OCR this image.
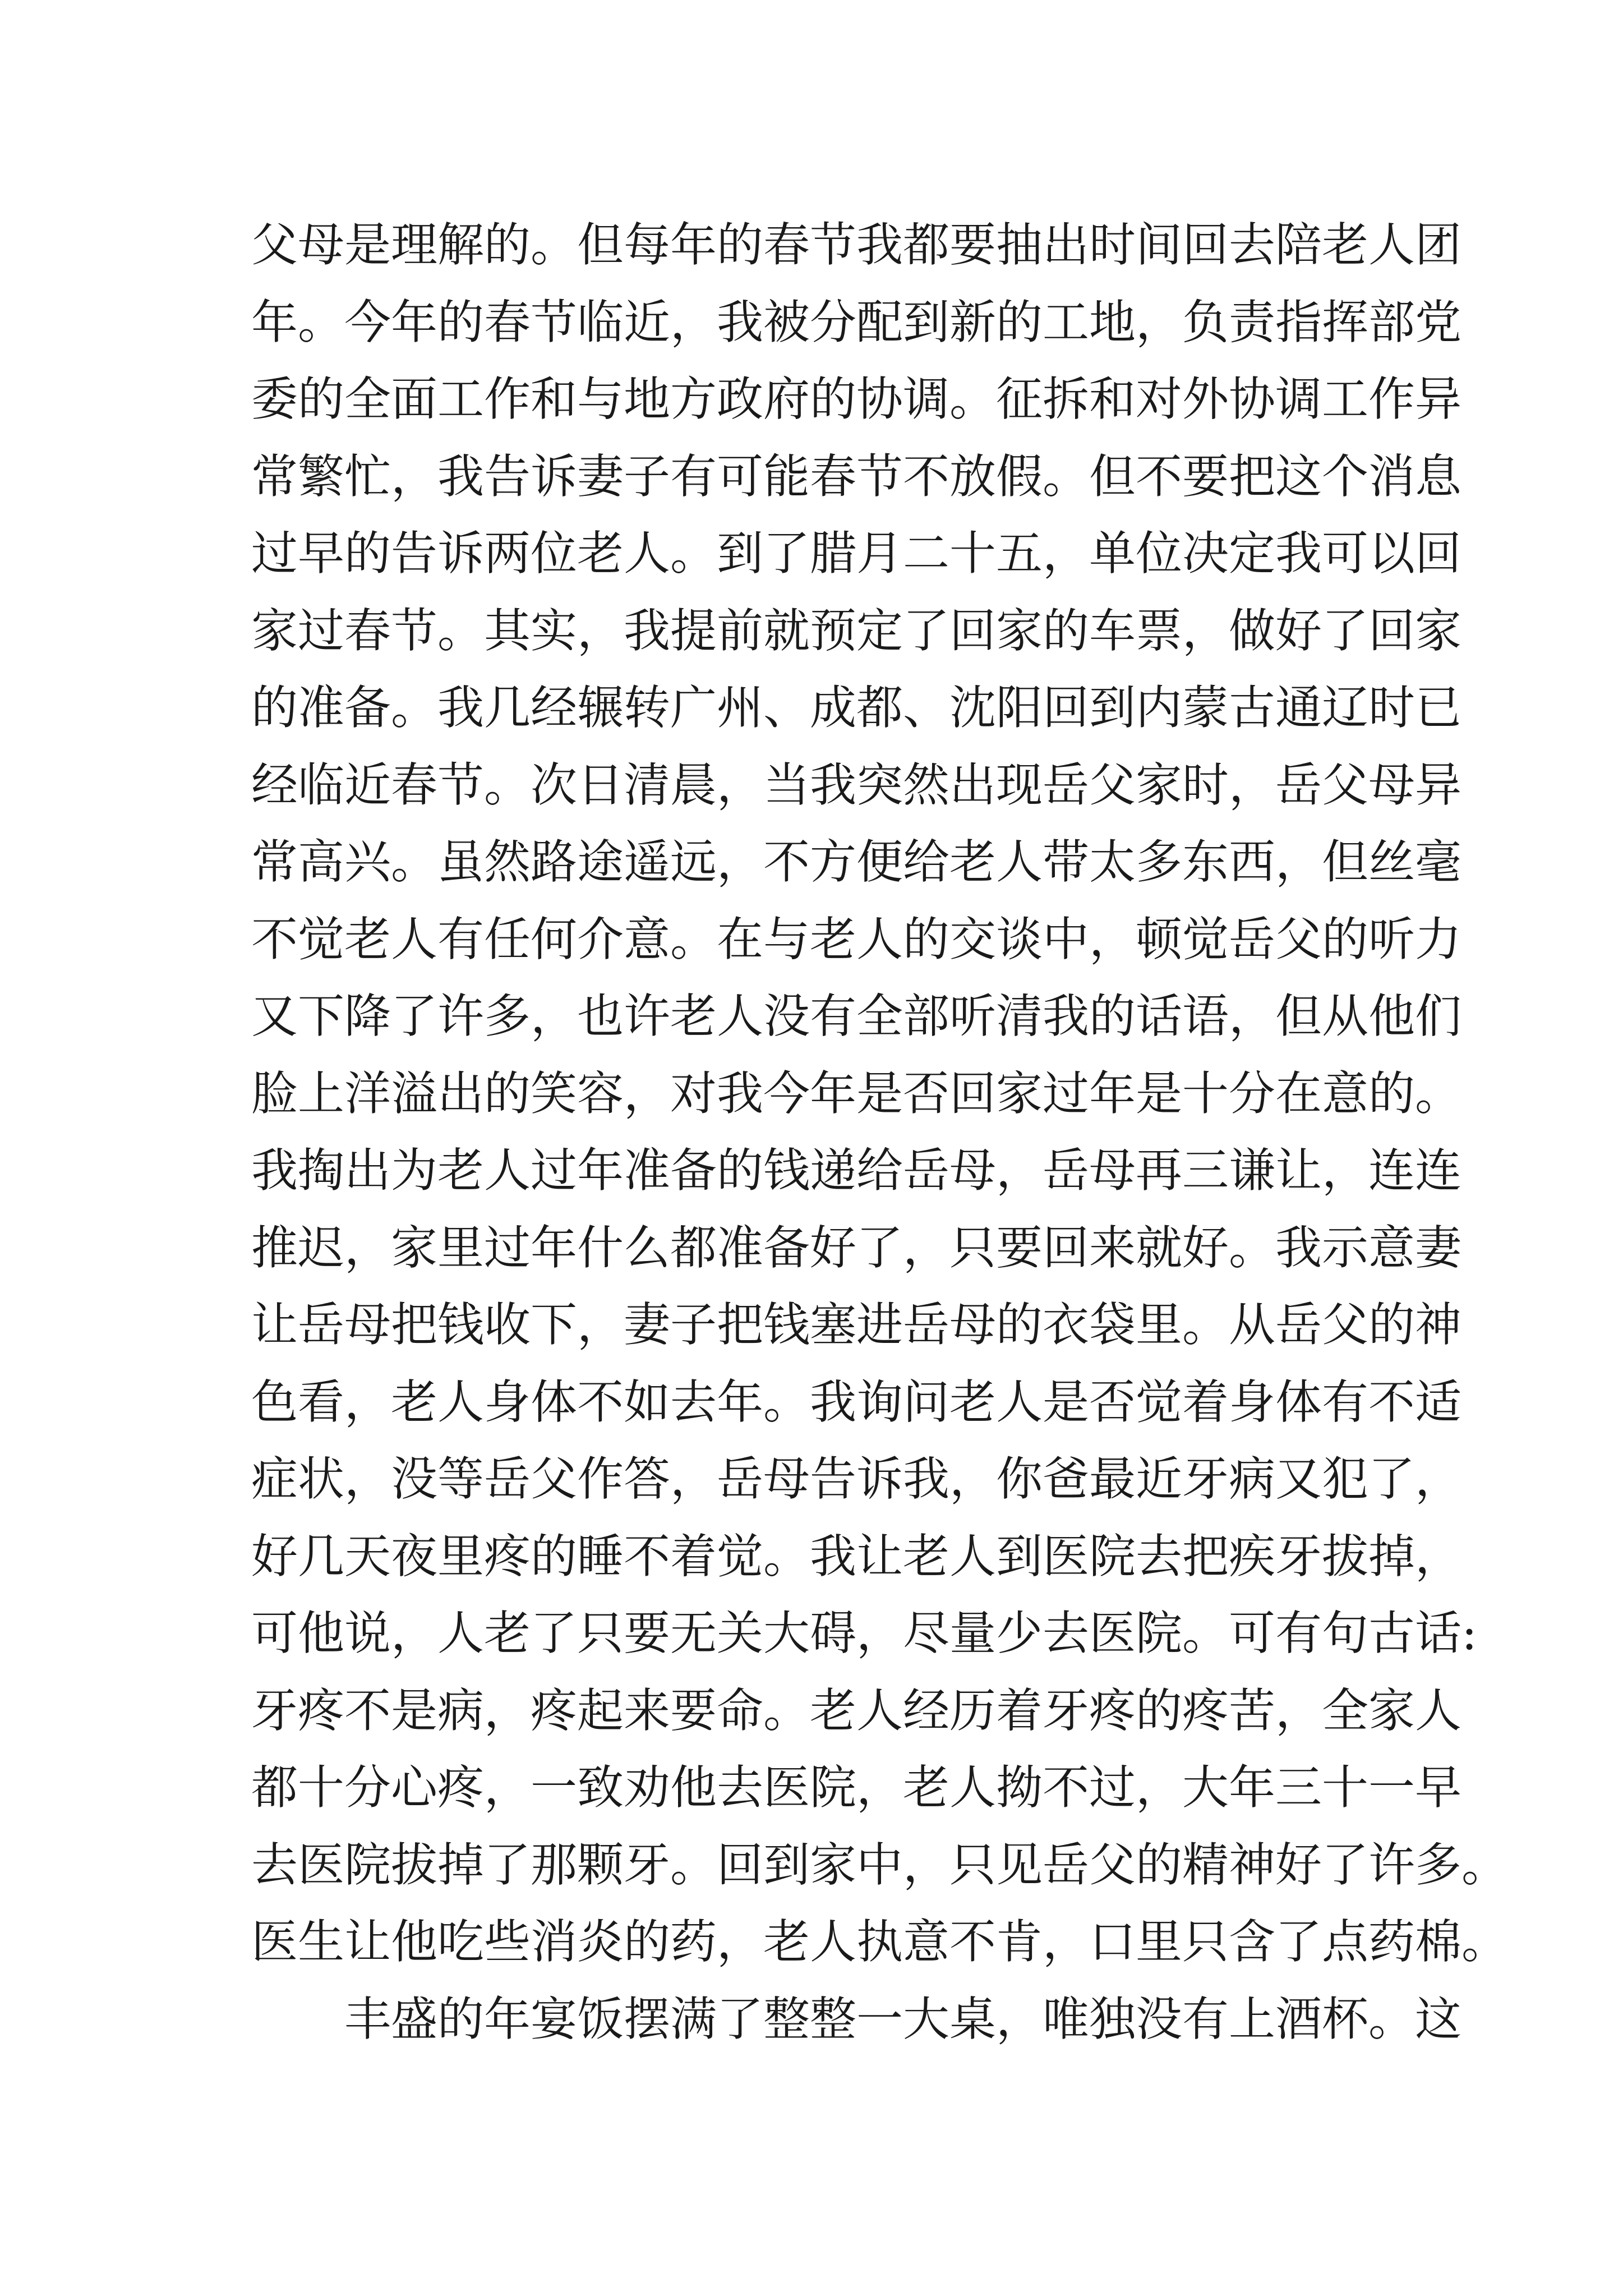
父母是理解的。但每年的春节我都要抽出时间回去陪老人团
年。今年的春节临近，我被分配到新的工地，负责指挥部党
委的全面工作和与地方政府的协调。征拆和对外协调工作异
常繁忙，我告诉妻子有可能春节不放假。但不要把这个消息
过早的告诉两位老人。到了腊月二十五，单位决定我可以回
家过春节。其实，我提前就预定了回家的车票，做好了回家
的准备。我几经辗转广州、成都、沈阳回到内蒙古通辽时已
经临近春节。次日清晨，当我突然出现岳父家时，岳父母异
常高兴。虽然路途遥远，不方便给老人带太多东西，但丝毫
不觉老人有任何介意。在与老人的交谈中，顿觉岳父的听力
又下降了许多，也许老人没有全部听清我的话语，但从他们
脸上洋溢出的笑容，对我今年是否回家过年是十分在意的。
我掏出为老人过年准备的钱递给岳母，岳母再三谦让，连连
推迟，家里过年什么都准备好了，只要回来就好。我示意妻
让岳母把钱收下，妻子把钱塞进岳母的衣袋里。从岳父的神
色看，老人身体不如去年。我询问老人是否觉着身体有不适
症状，没等岳父作答，岳母告诉我，你爸最近牙病又犯了，
好几天夜里疼的睡不着觉。我让老人到医院去把疾牙拔掉，
可他说，人老了只要无关大碍，尽量少去医院。可有句古话:
牙疼不是病，疼起来要命。老人经历着牙疼的疼苦，全家人
都十分心疼，一致劝他去医院，老人拗不过，大年三十一早
去医院拔掉了那颗牙。回到家中，只见岳父的精神好了许多。
医生让他吃些消炎的药，老人执意不肯，口里只含了点药棉。
丰盛的年宴饭摆满了整整一大桌，唯独没有上酒杯。这
